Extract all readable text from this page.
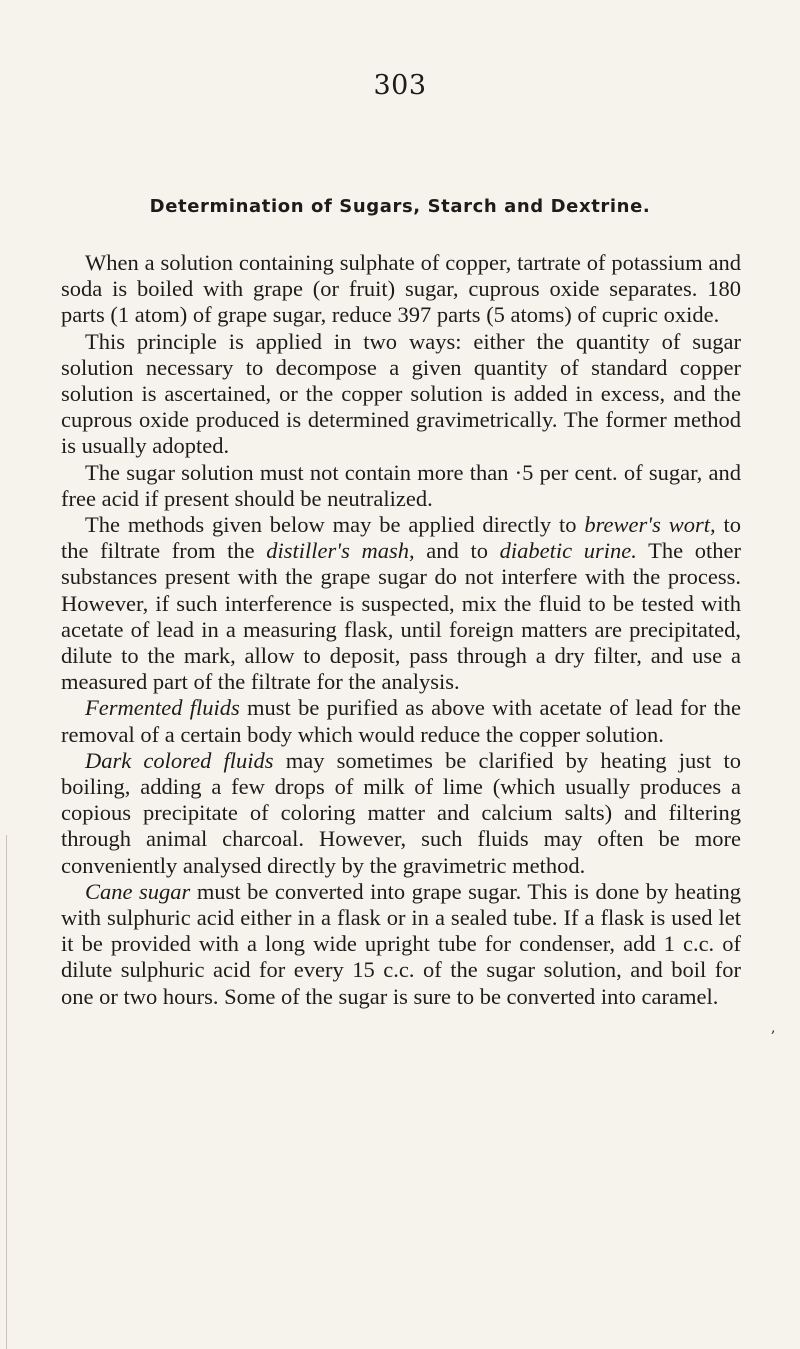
303
Determination of Sugars, Starch and Dextrine.

When a solution containing sulphate of copper, tartrate of potassium and soda is boiled with grape (or fruit) sugar, cuprous oxide separates. 180 parts (1 atom) of grape sugar, reduce 397 parts (5 atoms) of cupric oxide.

This principle is applied in two ways: either the quantity of sugar solution necessary to decompose a given quantity of standard copper solution is ascertained, or the copper solution is added in excess, and the cuprous oxide produced is determined gravimetrically. The former method is usually adopted.

The sugar solution must not contain more than ·5 per cent. of sugar, and free acid if present should be neutralized.

The methods given below may be applied directly to brewer's wort, to the filtrate from the distiller's mash, and to diabetic urine. The other substances present with the grape sugar do not interfere with the process. However, if such interference is suspected, mix the fluid to be tested with acetate of lead in a measuring flask, until foreign matters are precipitated, dilute to the mark, allow to deposit, pass through a dry filter, and use a measured part of the filtrate for the analysis.

Fermented fluids must be purified as above with acetate of lead for the removal of a certain body which would reduce the copper solution.

Dark colored fluids may sometimes be clarified by heating just to boiling, adding a few drops of milk of lime (which usually produces a copious precipitate of coloring matter and calcium salts) and filtering through animal charcoal. However, such fluids may often be more conveniently analysed directly by the gravimetric method.

Cane sugar must be converted into grape sugar. This is done by heating with sulphuric acid either in a flask or in a sealed tube. If a flask is used let it be provided with a long wide upright tube for condenser, add 1 c.c. of dilute sulphuric acid for every 15 c.c. of the sugar solution, and boil for one or two hours. Some of the sugar is sure to be converted into caramel.

,
